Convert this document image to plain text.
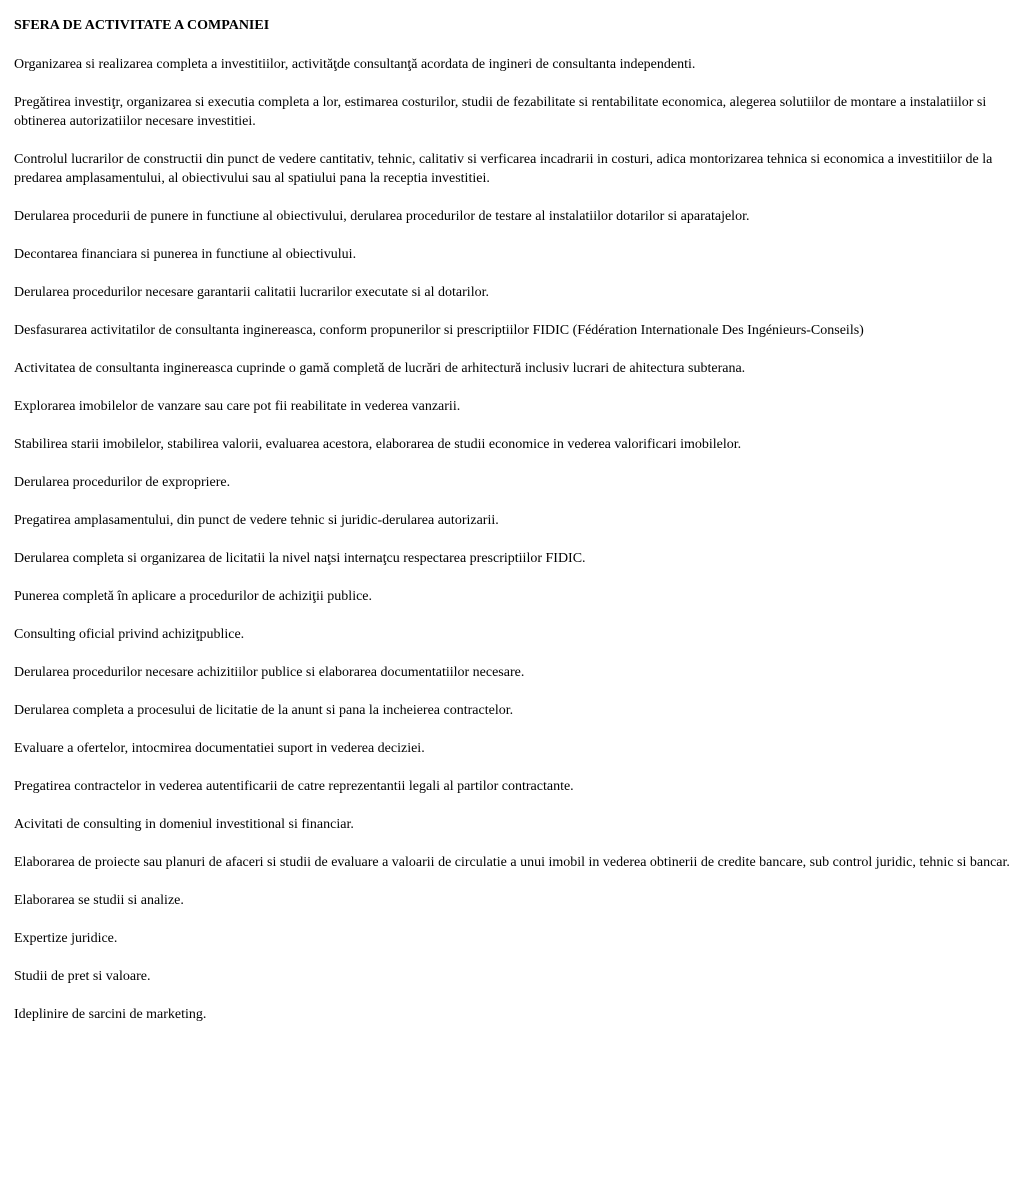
SFERA DE ACTIVITATE A COMPANIEI

Organizarea si realizarea completa a investitiilor, activităţde consultanţă acordata de ingineri de consultanta independenti.

Pregătirea investiţr, organizarea si executia completa a lor, estimarea costurilor, studii de fezabilitate si rentabilitate economica, alegerea solutiilor de montare a instalatiilor si obtinerea autorizatiilor necesare investitiei.

Controlul lucrarilor de constructii din punct de vedere cantitativ, tehnic, calitativ si verficarea incadrarii in costuri, adica montorizarea tehnica si economica a investitiilor de la predarea amplasamentului, al obiectivului sau al spatiului pana la receptia investitiei.

Derularea procedurii de punere in functiune al obiectivului, derularea procedurilor de testare al instalatiilor dotarilor si aparatajelor.

Decontarea financiara si punerea in functiune al obiectivului.

Derularea procedurilor necesare garantarii calitatii lucrarilor executate si al dotarilor.

Desfasurarea activitatilor de consultanta inginereasca, conform propunerilor si prescriptiilor FIDIC (Fédération Internationale Des Ingénieurs-Conseils)

Activitatea de consultanta inginereasca cuprinde o gamă completă de lucrări de arhitectură inclusiv lucrari de ahitectura subterana.

Explorarea imobilelor de vanzare sau care pot fii reabilitate in vederea vanzarii.

Stabilirea starii imobilelor, stabilirea valorii, evaluarea acestora, elaborarea de studii economice in vederea valorificari imobilelor.

Derularea procedurilor de expropriere.

Pregatirea amplasamentului, din punct de vedere tehnic si juridic-derularea autorizarii.

Derularea completa si organizarea de licitatii la nivel naţsi internaţcu respectarea prescriptiilor FIDIC.

Punerea completă în aplicare a procedurilor de achiziţii publice.

Consulting oficial privind achiziţpublice.

Derularea procedurilor necesare achizitiilor publice si elaborarea documentatiilor necesare.

Derularea completa a procesului de licitatie de la anunt si pana la incheierea contractelor.

Evaluare a ofertelor, intocmirea documentatiei suport in vederea deciziei.

Pregatirea contractelor in vederea autentificarii de catre reprezentantii legali al partilor contractante.

Acivitati de consulting in domeniul investitional si financiar.

Elaborarea de proiecte sau planuri de afaceri si studii de evaluare a valoarii de circulatie a unui imobil in vederea obtinerii de credite bancare, sub control juridic, tehnic si bancar.

Elaborarea se studii si analize.

Expertize juridice.

Studii de pret si valoare.

Ideplinire de sarcini de marketing.
